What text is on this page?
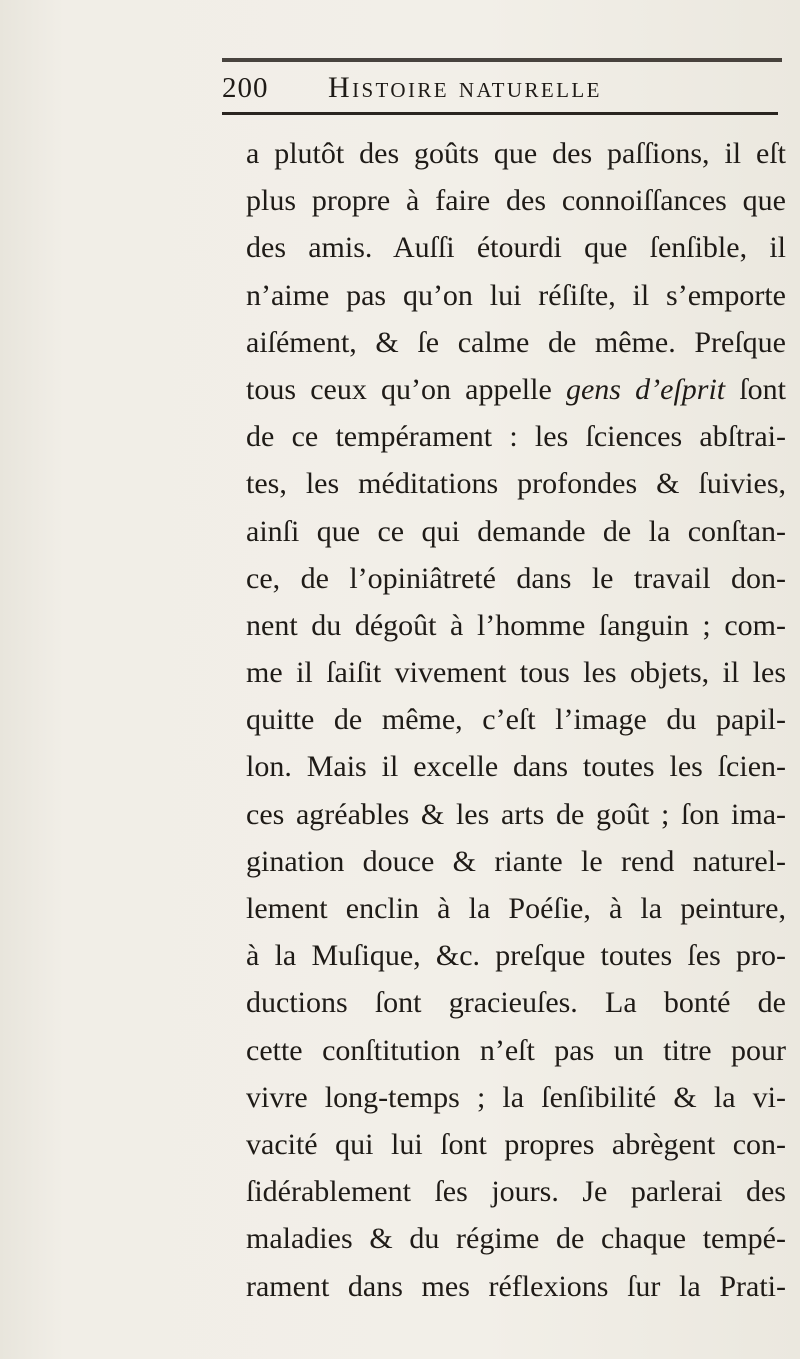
200	Histoire naturelle
a plutôt des goûts que des paſſions, il eſt
plus propre à faire des connoiſſances que
des amis. Auſſi étourdi que ſenſible, il
n’aime pas qu’on lui réſiſte, il s’emporte
aiſément, & ſe calme de même. Preſque
tous ceux qu’on appelle gens d’eſprit ſont
de ce tempérament : les ſciences abſtrai-
tes, les méditations profondes & ſuivies,
ainſi que ce qui demande de la conſtan-
ce, de l’opiniâtreté dans le travail don-
nent du dégoût à l’homme ſanguin ; com-
me il ſaiſit vivement tous les objets, il les
quitte de même, c’eſt l’image du papil-
lon. Mais il excelle dans toutes les ſcien-
ces agréables & les arts de goût ; ſon ima-
gination douce & riante le rend naturel-
lement enclin à la Poéſie, à la peinture,
à la Muſique, &c. preſque toutes ſes pro-
ductions ſont gracieuſes. La bonté de
cette conſtitution n’eſt pas un titre pour
vivre long-temps ; la ſenſibilité & la vi-
vacité qui lui ſont propres abrègent con-
ſidérablement ſes jours. Je parlerai des
maladies & du régime de chaque tempé-
rament dans mes réflexions ſur la Prati-
